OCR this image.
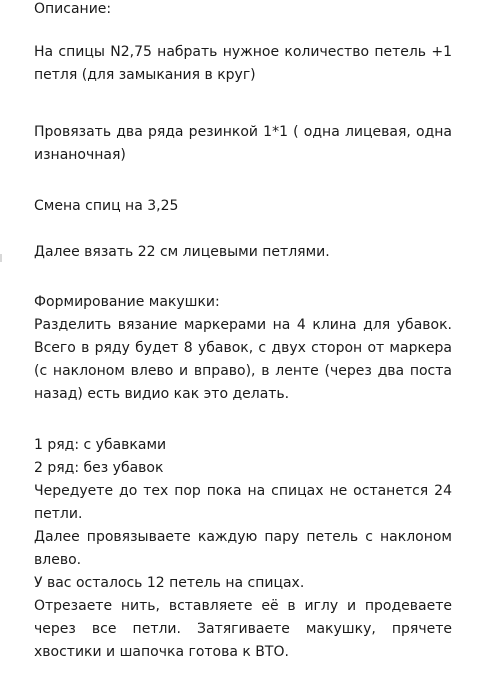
Описание:

На спицы N2,75 набрать нужное количество петель +1 петля (для замыкания в круг)

Провязать два ряда резинкой 1*1 ( одна лицевая, одна изнаночная)

Смена спиц на 3,25

Далее вязать 22 см лицевыми петлями.

Формирование макушки:

Разделить вязание маркерами на 4 клина для убавок. Всего в ряду будет 8 убавок, с двух сторон от маркера (с наклоном влево и вправо), в ленте (через два поста назад) есть видио как это делать.

1 ряд: с убавками

2 ряд: без убавок

Чередуете до тех пор пока на спицах не останется 24 петли.

Далее провязываете каждую пару петель с наклоном влево.

У вас осталось 12 петель на спицах.

Отрезаете нить, вставляете её в иглу и продеваете через все петли. Затягиваете макушку, прячете хвостики и шапочка готова к ВТО.
